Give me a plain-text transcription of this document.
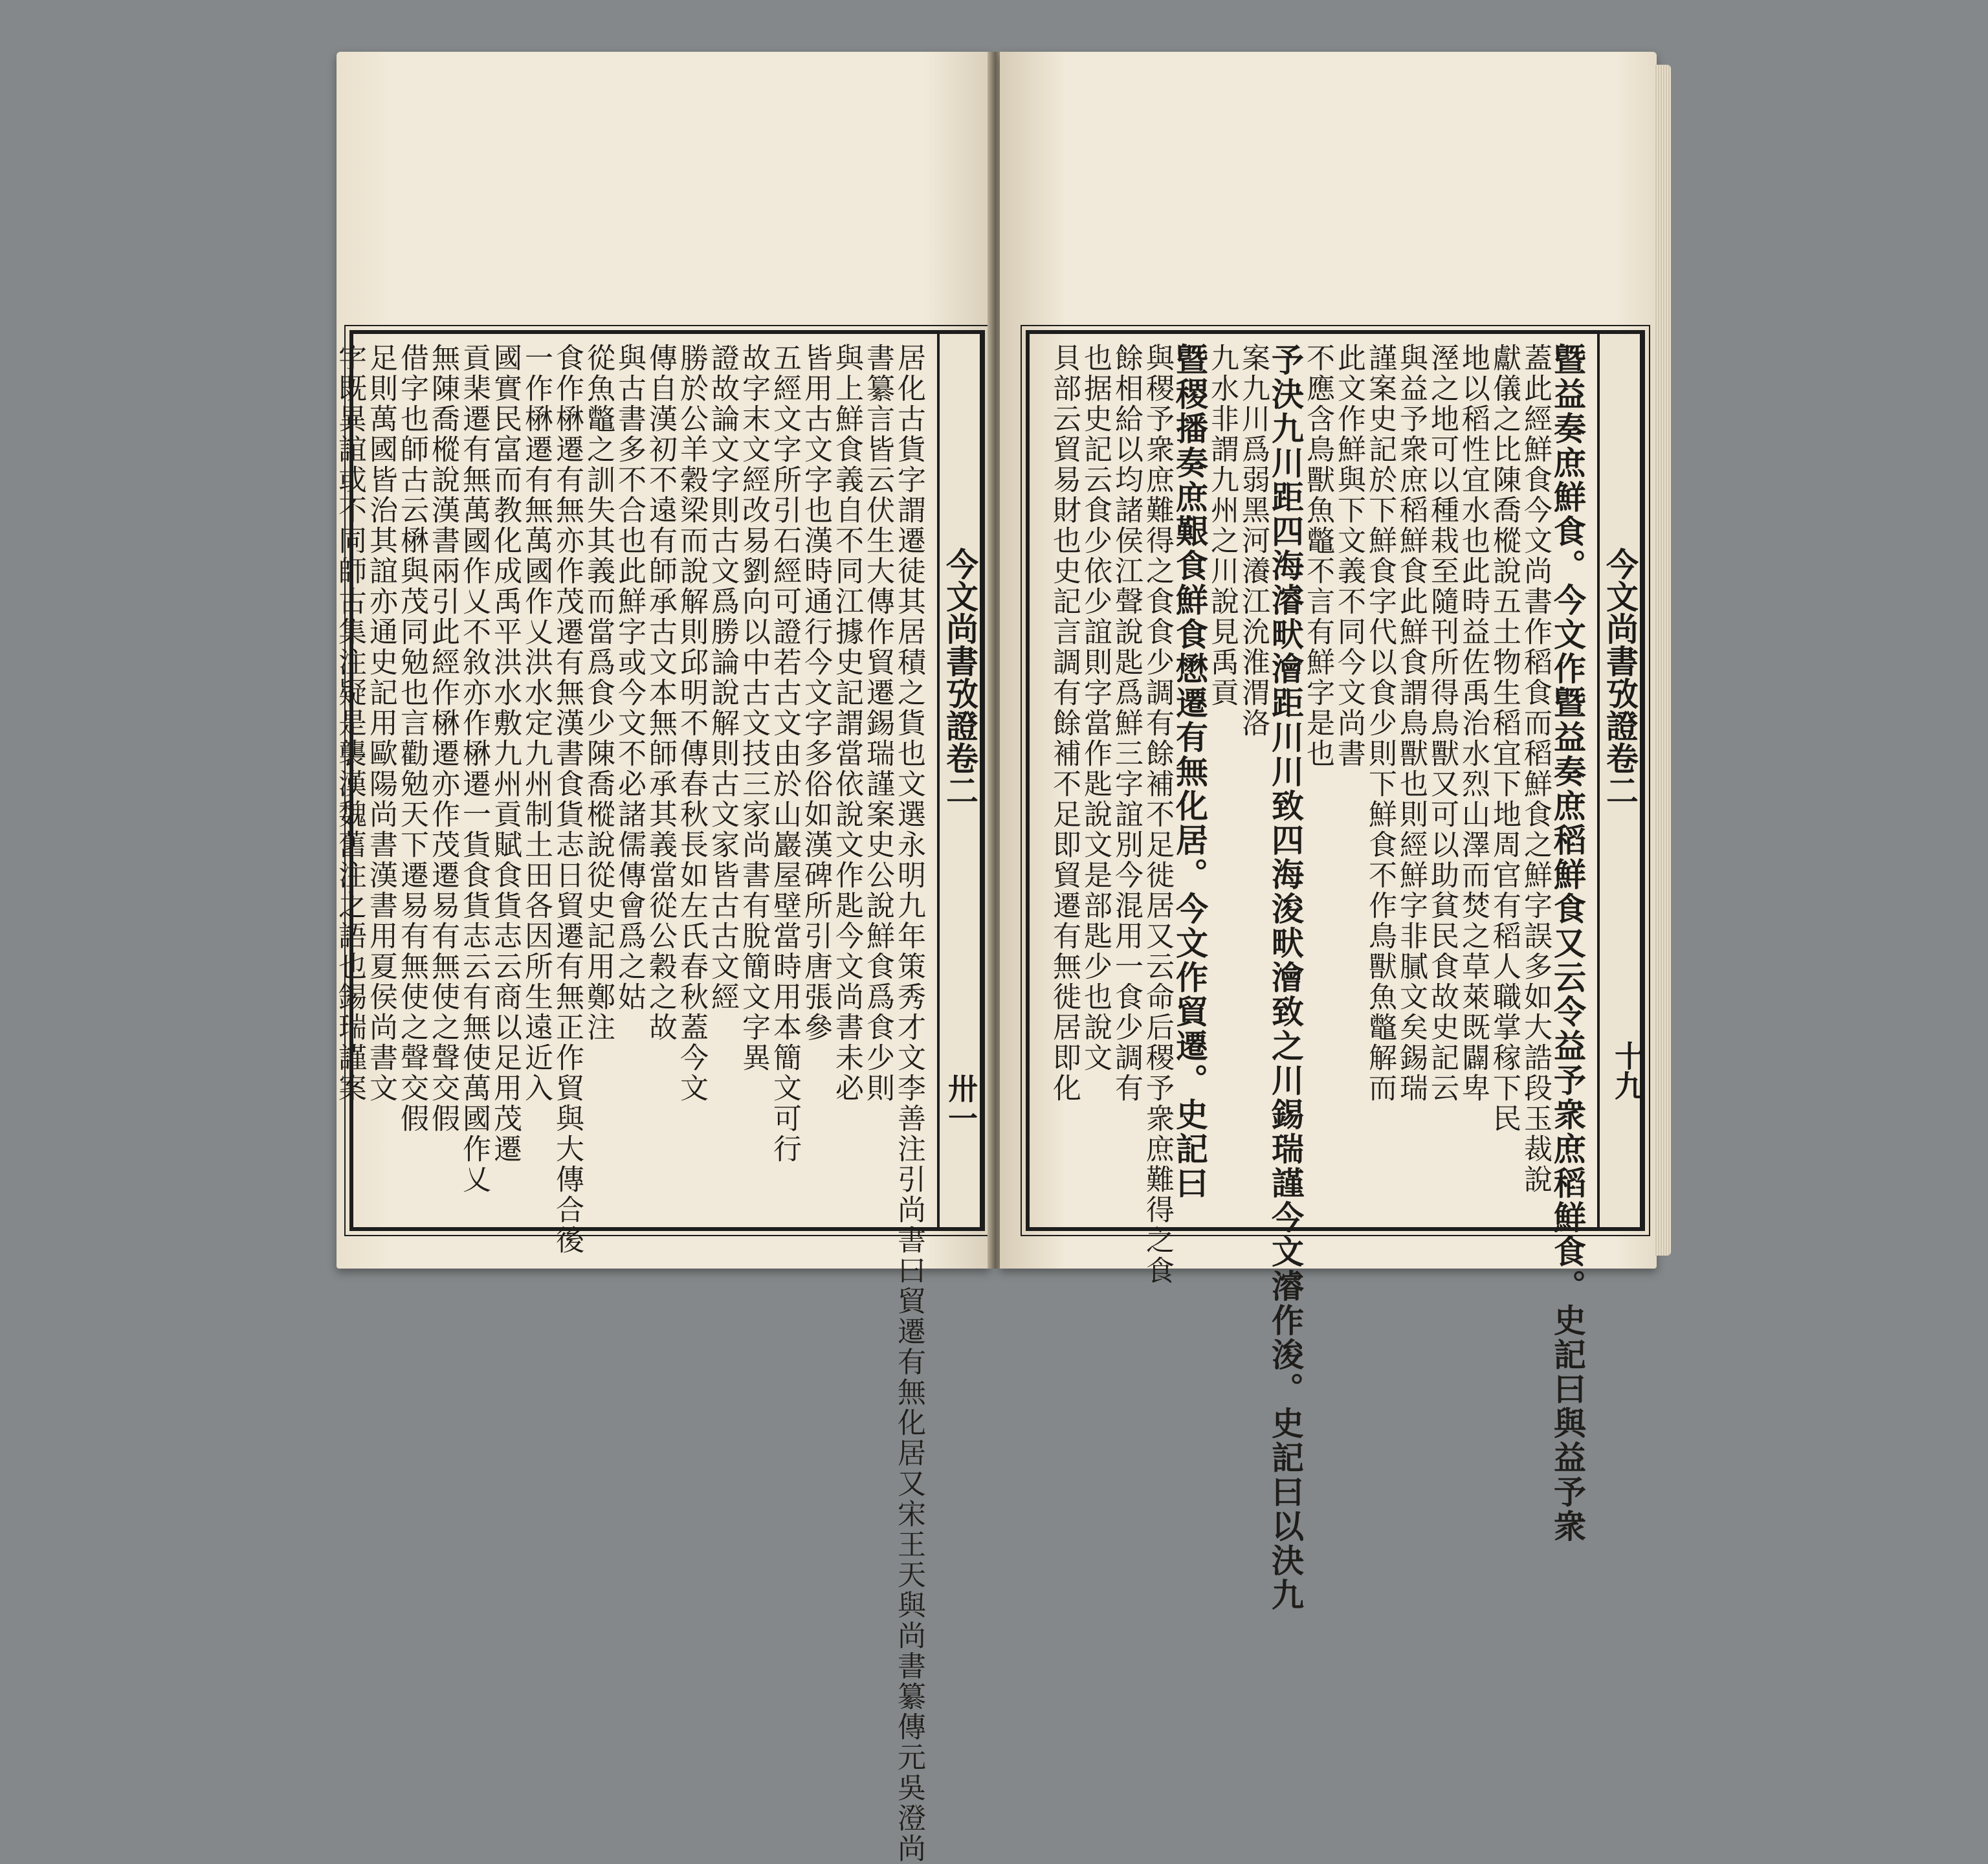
今文尚書攷證卷二
居化古貨字謂遷徒其居積之貨也文選永明九年策秀才文李善注引尚書曰貿遷有無化居又宋王天與尚書纂傳元吳澄尚
書纂言皆云伏生大傳作貿遷錫瑞謹案史公說鮮食爲食少則
與上鮮食義自不同江據史記謂當依說文作匙今文尚書未必
皆用古文字也漢時通行今文字多俗如漢碑所引唐張參
五經文字所引石經可證若古文由於山巖屋壁當時用本簡文可行
故字末文經改易劉向以中古文技三家尚書有脫簡文字異
證故論文字則古文爲勝論說解則古文家皆古古文經
勝於公羊穀梁而說解則邱明不傳春秋長如左氏春秋蓋今文
傳自漢初不遠有師承古文本無師承其義當從公穀之故
與古書多不合也此鮮字或今文不必諸儒傳會爲之姑
從魚鼈之訓失其義而當爲食少陳喬樅說從史記用鄭注
食作楙遷有無亦作茂遷有無漢書食貨志日貿遷有無正作貿與大傳合後
一作楙遷有無萬國作乂洪水定九州制土田各因所生遠近入
國實民富而教化成禹平洪水敷九州貢賦食貨志云商以足用茂遷
貢棐遷有無萬國作乂不敘亦作楙遷一貨食貨志云有無使萬國作乂
無陳喬樅說漢書兩引此經作楙遷亦作茂遷易有無使之聲交假
借字也師古云楙與茂同勉也言勸勉天下遷易有無使之聲交假
足則萬國皆治其誼亦通史記用歐陽尚書漢書用夏侯尚書文
字既異誼或不同師古集注疑是襲漢魏舊注之語也錫瑞謹案	卅一
今文尚書攷證卷二
曁益奏庶鮮食。今文作曁益奏庶稻鮮食又云令益予衆庶稻鮮食。史記曰與益予衆
蓋此經鮮食今文尚書作稻食而稻鮮食之鮮字誤多如大誥段玉裁說
獻儀之比陳喬樅說五土物生稻宜下地周官有稻人職掌稼下民
地以稻性宜水也此時益佐禹治水烈山澤而焚之草萊既闢卑
溼之地可以種栽至隨刊所得鳥獸又可以助貧民食故史記云
與益予衆庶稻鮮食此鮮食謂鳥獸也則經鮮字非膩文矣錫瑞
謹案史記於下鮮食字代以食少則下鮮食不作鳥獸魚鼈解而
此文作鮮與下文義不同今文尚書
不應含鳥獸魚鼈不言有鮮字是也
予決九川距四海濬畎澮距川川致四海浚畎澮致之川錫瑞謹今文濬作浚。史記曰以決九
案九川爲弱黑河瀁江沇淮渭洛
九水非謂九州之川說見禹貢
曁稷播奏庶艱食鮮食懋遷有無化居。今文作貿遷。史記曰
與稷予衆庶難得之食食少調有餘補不足徙居又云命后稷予衆庶難得之食
餘相給以均諸侯江聲說匙爲鮮三字誼別今混用一食少調有
也据史記云食少依少誼則字當作匙說文是部匙少也說文
貝部云貿易財也史記言調有餘補不足即貿遷有無徙居即化	十九
